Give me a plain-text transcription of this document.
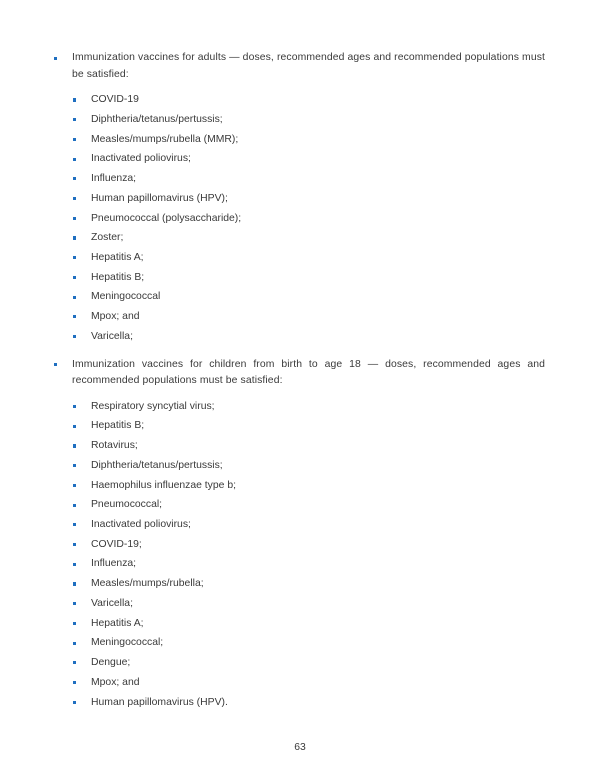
Immunization vaccines for adults — doses, recommended ages and recommended populations must be satisfied:
COVID-19
Diphtheria/tetanus/pertussis;
Measles/mumps/rubella (MMR);
Inactivated poliovirus;
Influenza;
Human papillomavirus (HPV);
Pneumococcal (polysaccharide);
Zoster;
Hepatitis A;
Hepatitis B;
Meningococcal
Mpox; and
Varicella;
Immunization vaccines for children from birth to age 18 — doses, recommended ages and recommended populations must be satisfied:
Respiratory syncytial virus;
Hepatitis B;
Rotavirus;
Diphtheria/tetanus/pertussis;
Haemophilus influenzae type b;
Pneumococcal;
Inactivated poliovirus;
COVID-19;
Influenza;
Measles/mumps/rubella;
Varicella;
Hepatitis A;
Meningococcal;
Dengue;
Mpox; and
Human papillomavirus (HPV).
63
